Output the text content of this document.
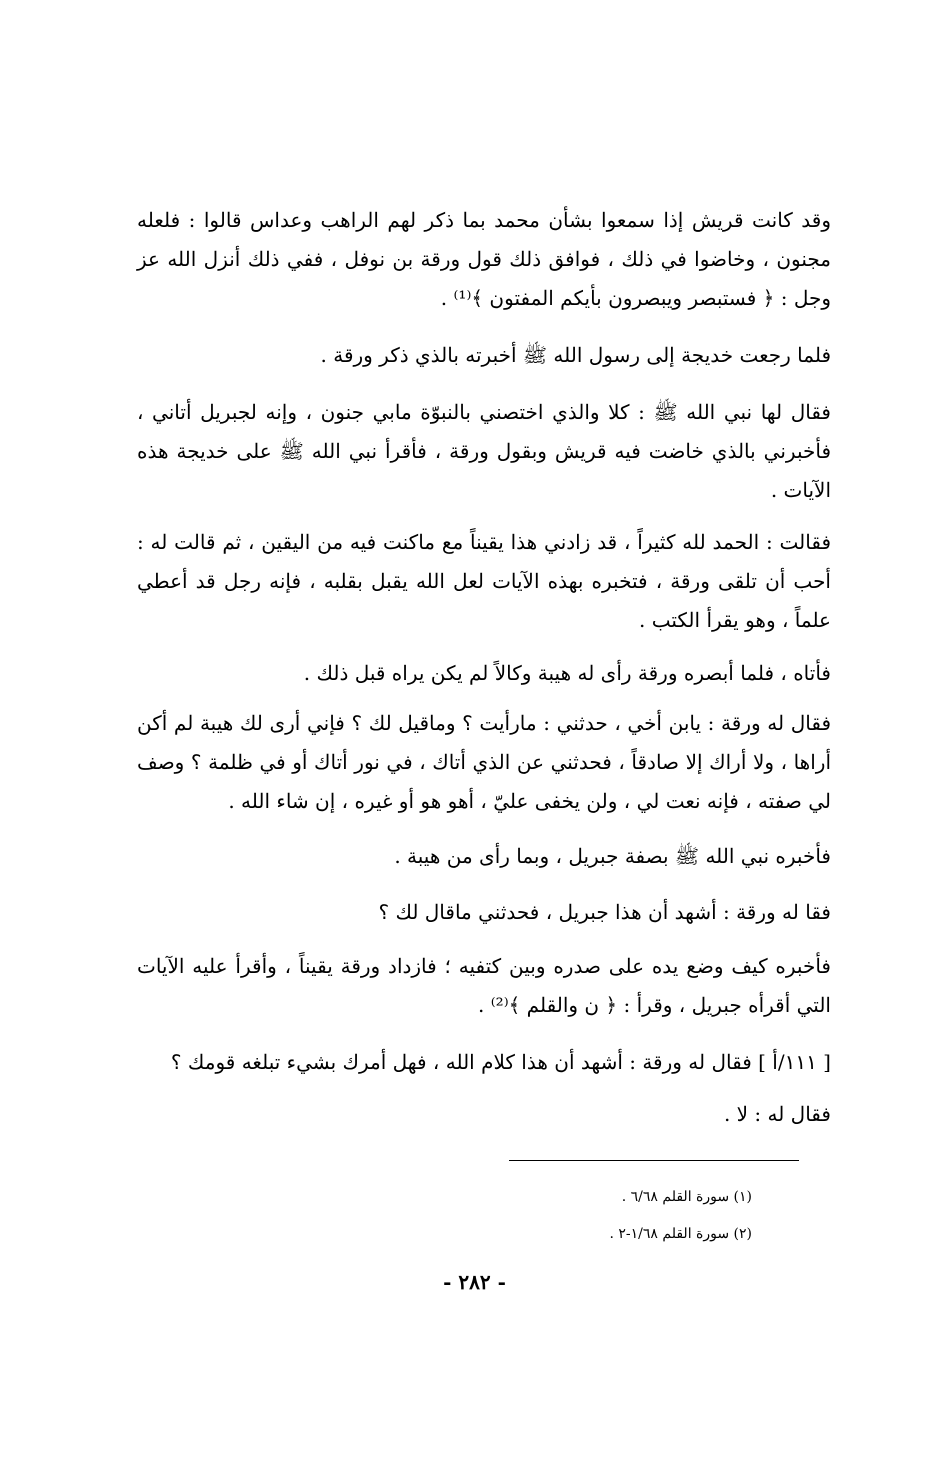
وقد كانت قريش إذا سمعوا بشأن محمد بما ذكر لهم الراهب وعداس قالوا : فلعله مجنون ، وخاضوا في ذلك ، فوافق ذلك قول ورقة بن نوفل ، ففي ذلك أنزل الله عز وجل : ﴿ فستبصر ويبصرون بأيكم المفتون ﴾⁽¹⁾ .

فلما رجعت خديجة إلى رسول الله ﷺ أخبرته بالذي ذكر ورقة .

فقال لها نبي الله ﷺ : كلا والذي اختصني بالنبوّة مابي جنون ، وإنه لجبريل أتاني ، فأخبرني بالذي خاضت فيه قريش وبقول ورقة ، فأقرأ نبي الله ﷺ على خديجة هذه الآيات .

فقالت : الحمد لله كثيراً ، قد زادني هذا يقيناً مع ماكنت فيه من اليقين ، ثم قالت له : أحب أن تلقى ورقة ، فتخبره بهذه الآيات لعل الله يقبل بقلبه ، فإنه رجل قد أعطي علماً ، وهو يقرأ الكتب .

فأتاه ، فلما أبصره ورقة رأى له هيبة وكالاً لم يكن يراه قبل ذلك .

فقال له ورقة : يابن أخي ، حدثني : مارأيت ؟ وماقيل لك ؟ فإني أرى لك هيبة لم أكن أراها ، ولا أراك إلا صادقاً ، فحدثني عن الذي أتاك ، في نور أتاك أو في ظلمة ؟ وصف لي صفته ، فإنه نعت لي ، ولن يخفى عليّ ، أهو هو أو غيره ، إن شاء الله .

فأخبره نبي الله ﷺ بصفة جبريل ، وبما رأى من هيبة .

فقا له ورقة : أشهد أن هذا جبريل ، فحدثني ماقال لك ؟

فأخبره كيف وضع يده على صدره وبين كتفيه ؛ فازداد ورقة يقيناً ، وأقرأ عليه الآيات التي أقرأه جبريل ، وقرأ : ﴿ ن والقلم ﴾⁽²⁾ .

[ ١١١/أ ] فقال له ورقة : أشهد أن هذا كلام الله ، فهل أمرك بشيء تبلغه قومك ؟

فقال له : لا .

(١) سورة القلم ٦/٦٨ .
(٢) سورة القلم ١/٦٨-٢ .
- ٢٨٢ -
